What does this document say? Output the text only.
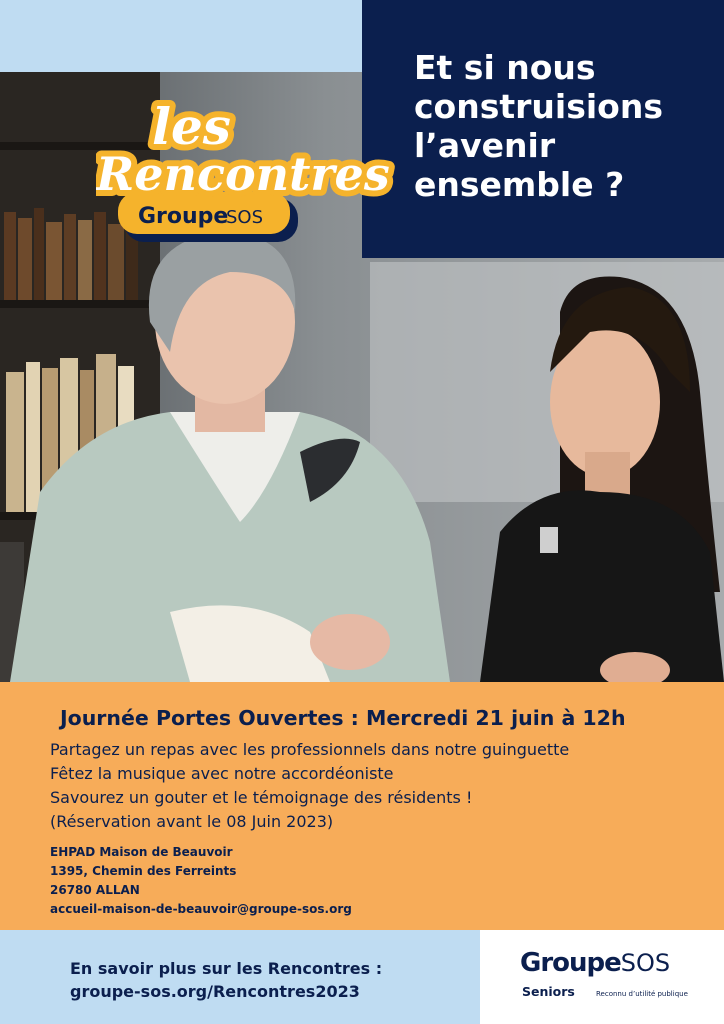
Et si nous
construisions
l’avenir
ensemble ?
les
Rencontres
Groupe
SOS
Journée Portes Ouvertes : Mercredi 21 juin à 12h
Partagez un repas avec les professionnels dans notre guinguette
Fêtez la musique avec notre accordéoniste
Savourez un gouter et le témoignage des résidents !
(Réservation avant le 08 Juin 2023)
EHPAD Maison de Beauvoir
1395, Chemin des Ferreints
26780 ALLAN
accueil-maison-de-beauvoir@groupe-sos.org
En savoir plus sur les Rencontres :
groupe-sos.org/Rencontres2023
GroupeSOS
Seniors	Reconnu d’utilité publique
